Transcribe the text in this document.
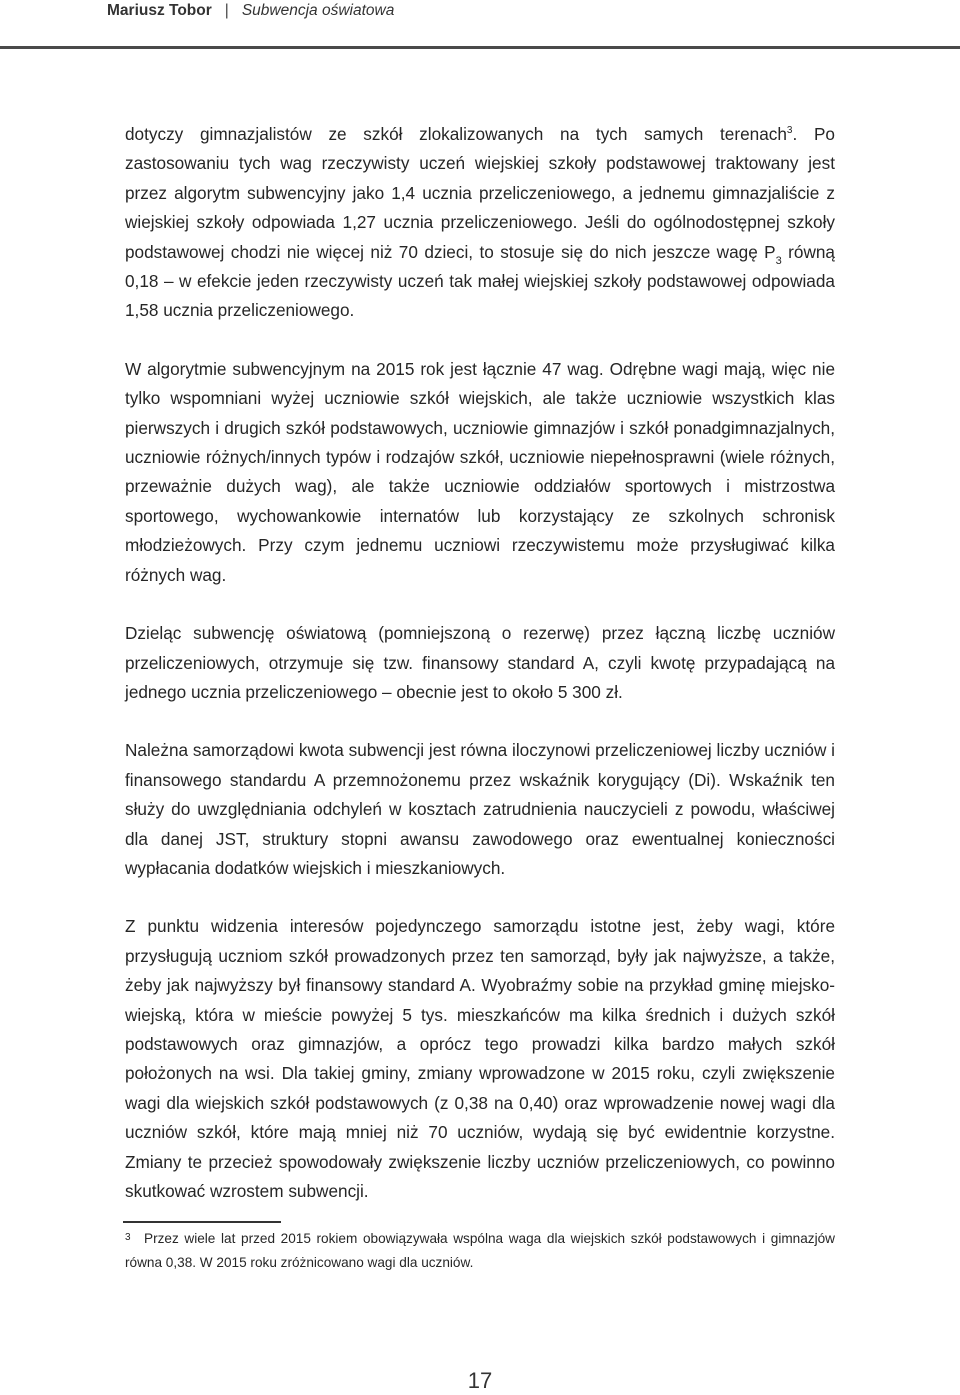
Mariusz Tobor | Subwencja oświatowa

dotyczy gimnazjalistów ze szkół zlokalizowanych na tych samych terenach$^3$. Po zastosowaniu tych wag rzeczywisty uczeń wiejskiej szkoły podstawowej traktowany jest przez algorytm subwencyjny jako 1,4 ucznia przeliczeniowego, a jednemu gimnazjaliście z wiejskiej szkoły odpowiada 1,27 ucznia przeliczeniowego. Jeśli do ogólnodostępnej szkoły podstawowej chodzi nie więcej niż 70 dzieci, to stosuje się do nich jeszcze wagę $P_3$ równą 0,18 – w efekcie jeden rzeczywisty uczeń tak małej wiejskiej szkoły podstawowej odpowiada 1,58 ucznia przeliczeniowego.

W algorytmie subwencyjnym na 2015 rok jest łącznie 47 wag. Odrębne wagi mają, więc nie tylko wspomniani wyżej uczniowie szkół wiejskich, ale także uczniowie wszystkich klas pierwszych i drugich szkół podstawowych, uczniowie gimnazjów i szkół ponadgimnazjalnych, uczniowie różnych/innych typów i rodzajów szkół, uczniowie niepełnosprawni (wiele różnych, przeważnie dużych wag), ale także uczniowie oddziałów sportowych i mistrzostwa sportowego, wychowankowie internatów lub korzystający ze szkolnych schronisk młodzieżowych. Przy czym jednemu uczniowi rzeczywistemu może przysługiwać kilka różnych wag.

Dzieląc subwencję oświatową (pomniejszoną o rezerwę) przez łączną liczbę uczniów przeliczeniowych, otrzymuje się tzw. finansowy standard A, czyli kwotę przypadającą na jednego ucznia przeliczeniowego – obecnie jest to około 5 300 zł.

Należna samorządowi kwota subwencji jest równa iloczynowi przeliczeniowej liczby uczniów i finansowego standardu A przemnożonemu przez wskaźnik korygujący (Di). Wskaźnik ten służy do uwzględniania odchyleń w kosztach zatrudnienia nauczycieli z powodu, właściwej dla danej JST, struktury stopni awansu zawodowego oraz ewentualnej konieczności wypłacania dodatków wiejskich i mieszkaniowych.

Z punktu widzenia interesów pojedynczego samorządu istotne jest, żeby wagi, które przysługują uczniom szkół prowadzonych przez ten samorząd, były jak najwyższe, a także, żeby jak najwyższy był finansowy standard A. Wyobraźmy sobie na przykład gminę miejsko-wiejską, która w mieście powyżej 5 tys. mieszkańców ma kilka średnich i dużych szkół podstawowych oraz gimnazjów, a oprócz tego prowadzi kilka bardzo małych szkół położonych na wsi. Dla takiej gminy, zmiany wprowadzone w 2015 roku, czyli zwiększenie wagi dla wiejskich szkół podstawowych (z 0,38 na 0,40) oraz wprowadzenie nowej wagi dla uczniów szkół, które mają mniej niż 70 uczniów, wydają się być ewidentnie korzystne. Zmiany te przecież spowodowały zwiększenie liczby uczniów przeliczeniowych, co powinno skutkować wzrostem subwencji.

3 Przez wiele lat przed 2015 rokiem obowiązywała wspólna waga dla wiejskich szkół podstawowych i gimnazjów równa 0,38. W 2015 roku zróżnicowano wagi dla uczniów.
17
